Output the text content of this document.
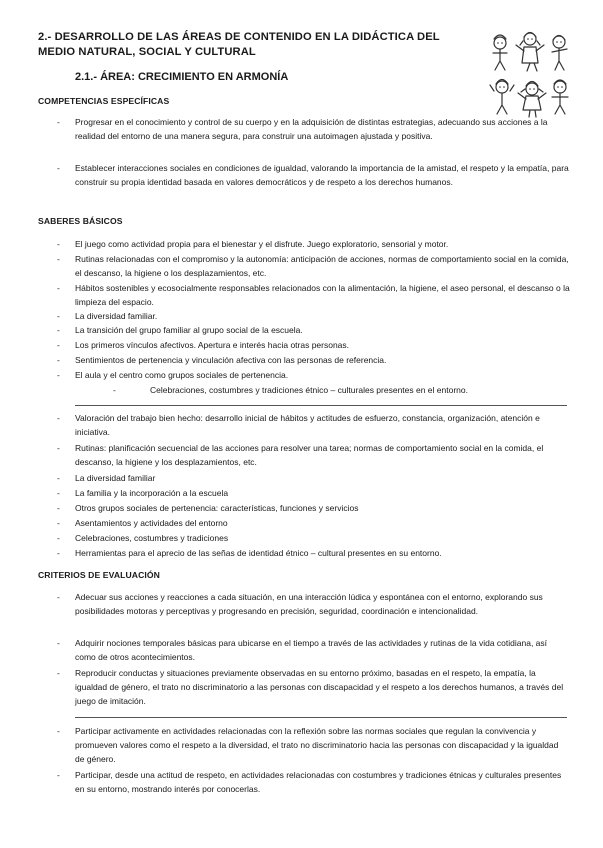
2.- DESARROLLO DE LAS ÁREAS DE CONTENIDO EN LA DIDÁCTICA DEL MEDIO NATURAL, SOCIAL Y CULTURAL
2.1.- ÁREA: CRECIMIENTO EN ARMONÍA
COMPETENCIAS ESPECÍFICAS
- Progresar en el conocimiento y control de su cuerpo y en la adquisición de distintas estrategias, adecuando sus acciones a la realidad del entorno de una manera segura, para construir una autoimagen ajustada y positiva.
- Establecer interacciones sociales en condiciones de igualdad, valorando la importancia de la amistad, el respeto y la empatía, para construir su propia identidad basada en valores democráticos y de respeto a los derechos humanos.
SABERES BÁSICOS
- El juego como actividad propia para el bienestar y el disfrute. Juego exploratorio, sensorial y motor.
- Rutinas relacionadas con el compromiso y la autonomía: anticipación de acciones, normas de comportamiento social en la comida, el descanso, la higiene o los desplazamientos, etc.
- Hábitos sostenibles y ecosocialmente responsables relacionados con la alimentación, la higiene, el aseo personal, el descanso o la limpieza del espacio.
- La diversidad familiar.
- La transición del grupo familiar al grupo social de la escuela.
- Los primeros vínculos afectivos. Apertura e interés hacia otras personas.
- Sentimientos de pertenencia y vinculación afectiva con las personas de referencia.
- El aula y el centro como grupos sociales de pertenencia.
- Celebraciones, costumbres y tradiciones étnico – culturales presentes en el entorno.
- Valoración del trabajo bien hecho: desarrollo inicial de hábitos y actitudes de esfuerzo, constancia, organización, atención e iniciativa.
- Rutinas: planificación secuencial de las acciones para resolver una tarea; normas de comportamiento social en la comida, el descanso, la higiene y los desplazamientos, etc.
- La diversidad familiar
- La familia y la incorporación a la escuela
- Otros grupos sociales de pertenencia: características, funciones y servicios
- Asentamientos y actividades del entorno
- Celebraciones, costumbres y tradiciones
- Herramientas para el aprecio de las señas de identidad étnico – cultural presentes en su entorno.
CRITERIOS DE EVALUACIÓN
- Adecuar sus acciones y reacciones a cada situación, en una interacción lúdica y espontánea con el entorno, explorando sus posibilidades motoras y perceptivas y progresando en precisión, seguridad, coordinación e intencionalidad.
- Adquirir nociones temporales básicas para ubicarse en el tiempo a través de las actividades y rutinas de la vida cotidiana, así como de otros acontecimientos.
- Reproducir conductas y situaciones previamente observadas en su entorno próximo, basadas en el respeto, la empatía, la igualdad de género, el trato no discriminatorio a las personas con discapacidad y el respeto a los derechos humanos, a través del juego de imitación.
- Participar activamente en actividades relacionadas con la reflexión sobre las normas sociales que regulan la convivencia y promueven valores como el respeto a la diversidad, el trato no discriminatorio hacia las personas con discapacidad y la igualdad de género.
- Participar, desde una actitud de respeto, en actividades relacionadas con costumbres y tradiciones étnicas y culturales presentes en su entorno, mostrando interés por conocerlas.
